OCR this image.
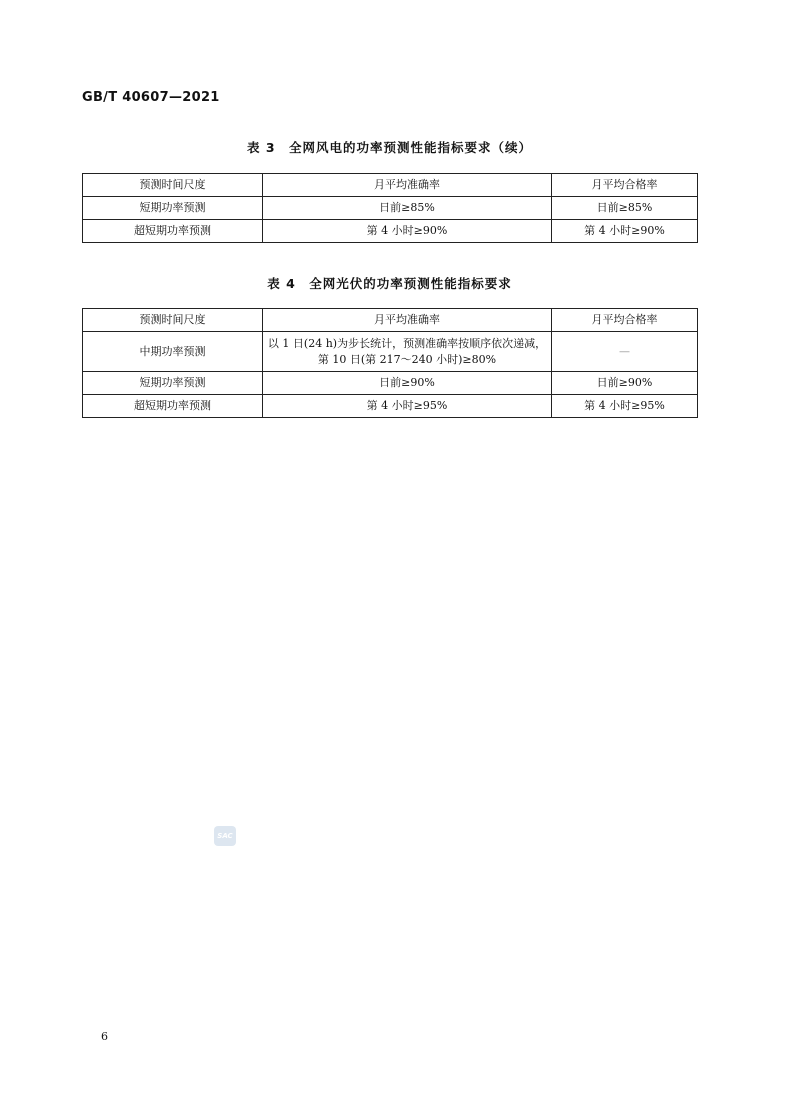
GB/T 40607—2021
表 3　全网风电的功率预测性能指标要求（续）
预测时间尺度	月平均准确率	月平均合格率
短期功率预测	日前≥85%	日前≥85%
超短期功率预测	第 4 小时≥90%	第 4 小时≥90%
表 4　全网光伏的功率预测性能指标要求
预测时间尺度	月平均准确率	月平均合格率
中期功率预测	以 1 日(24 h)为步长统计，预测准确率按顺序依次递减，第 10 日(第 217～240 小时)≥80%	—
短期功率预测	日前≥90%	日前≥90%
超短期功率预测	第 4 小时≥95%	第 4 小时≥95%
SAC
6
